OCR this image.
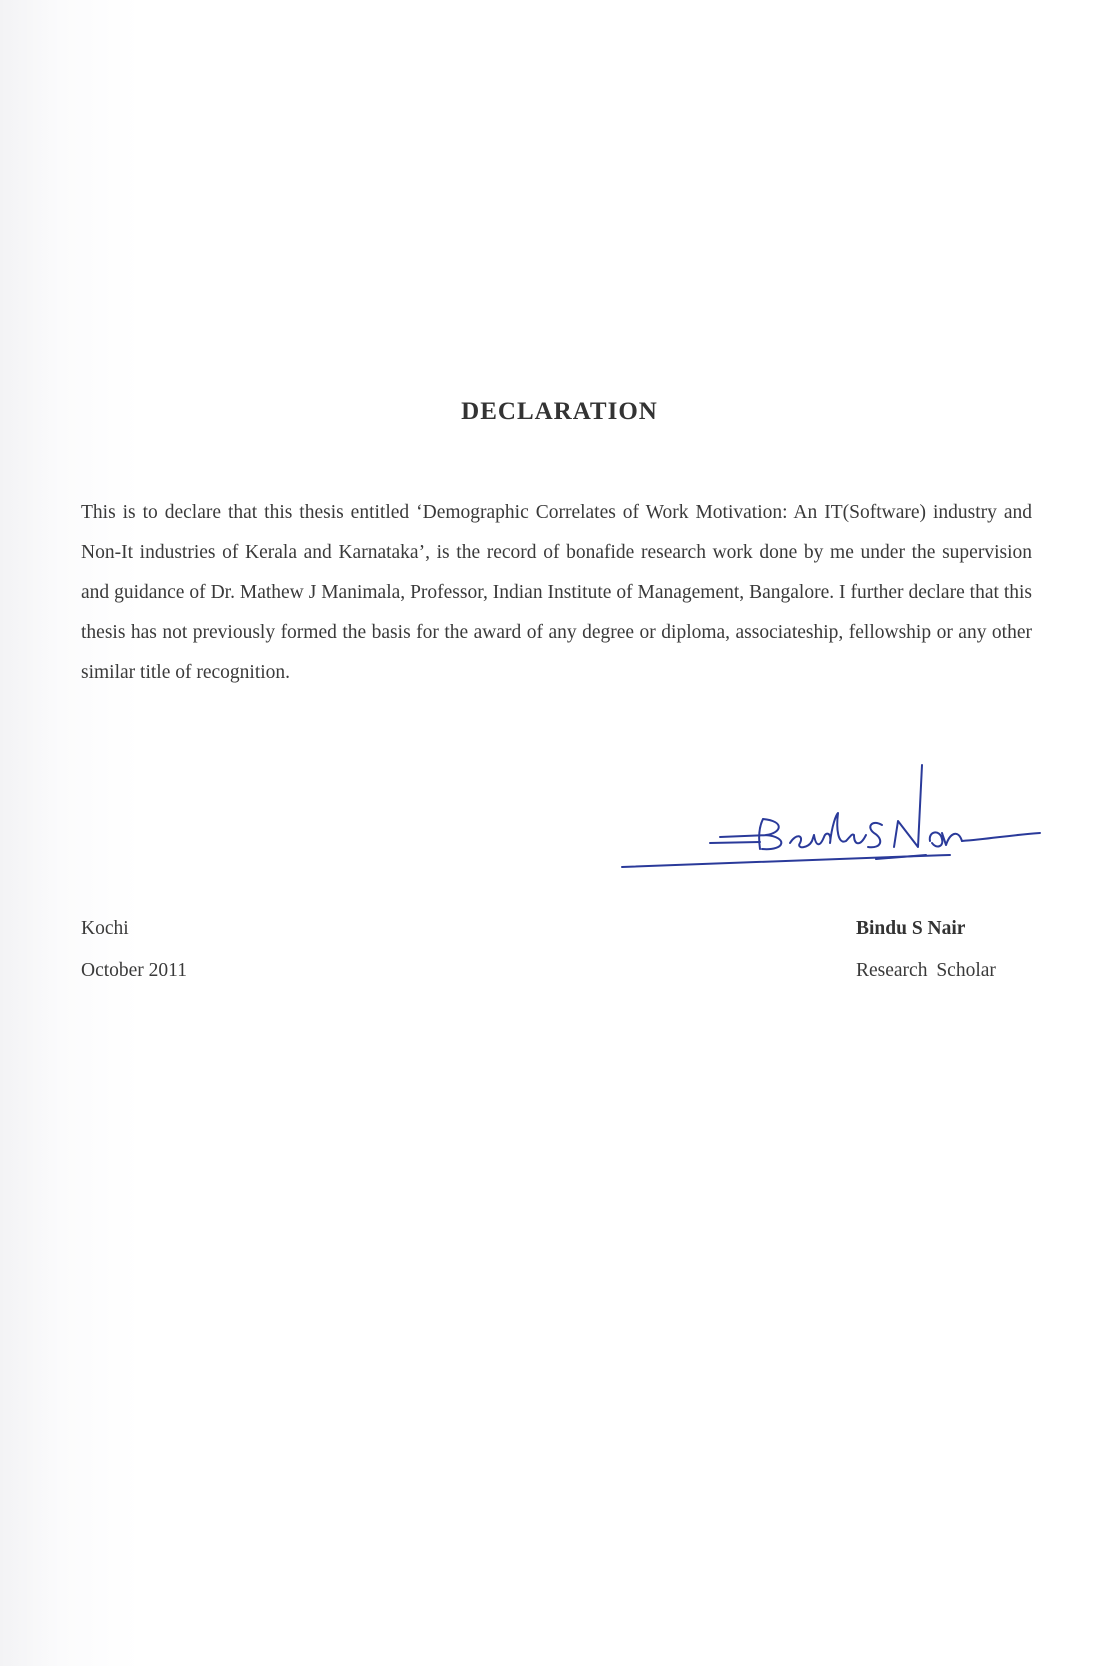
DECLARATION
This is to declare that this thesis entitled ‘Demographic Correlates of Work Motivation: An IT(Software) industry and Non-It industries of Kerala and Karnataka’, is the record of bonafide research work done by me under the supervision and guidance of Dr. Mathew J Manimala, Professor, Indian Institute of Management, Bangalore. I further declare that this thesis has not previously formed the basis for the award of any degree or diploma, associateship, fellowship or any other similar title of recognition.
Kochi
October 2011
Bindu S Nair
Research Scholar
